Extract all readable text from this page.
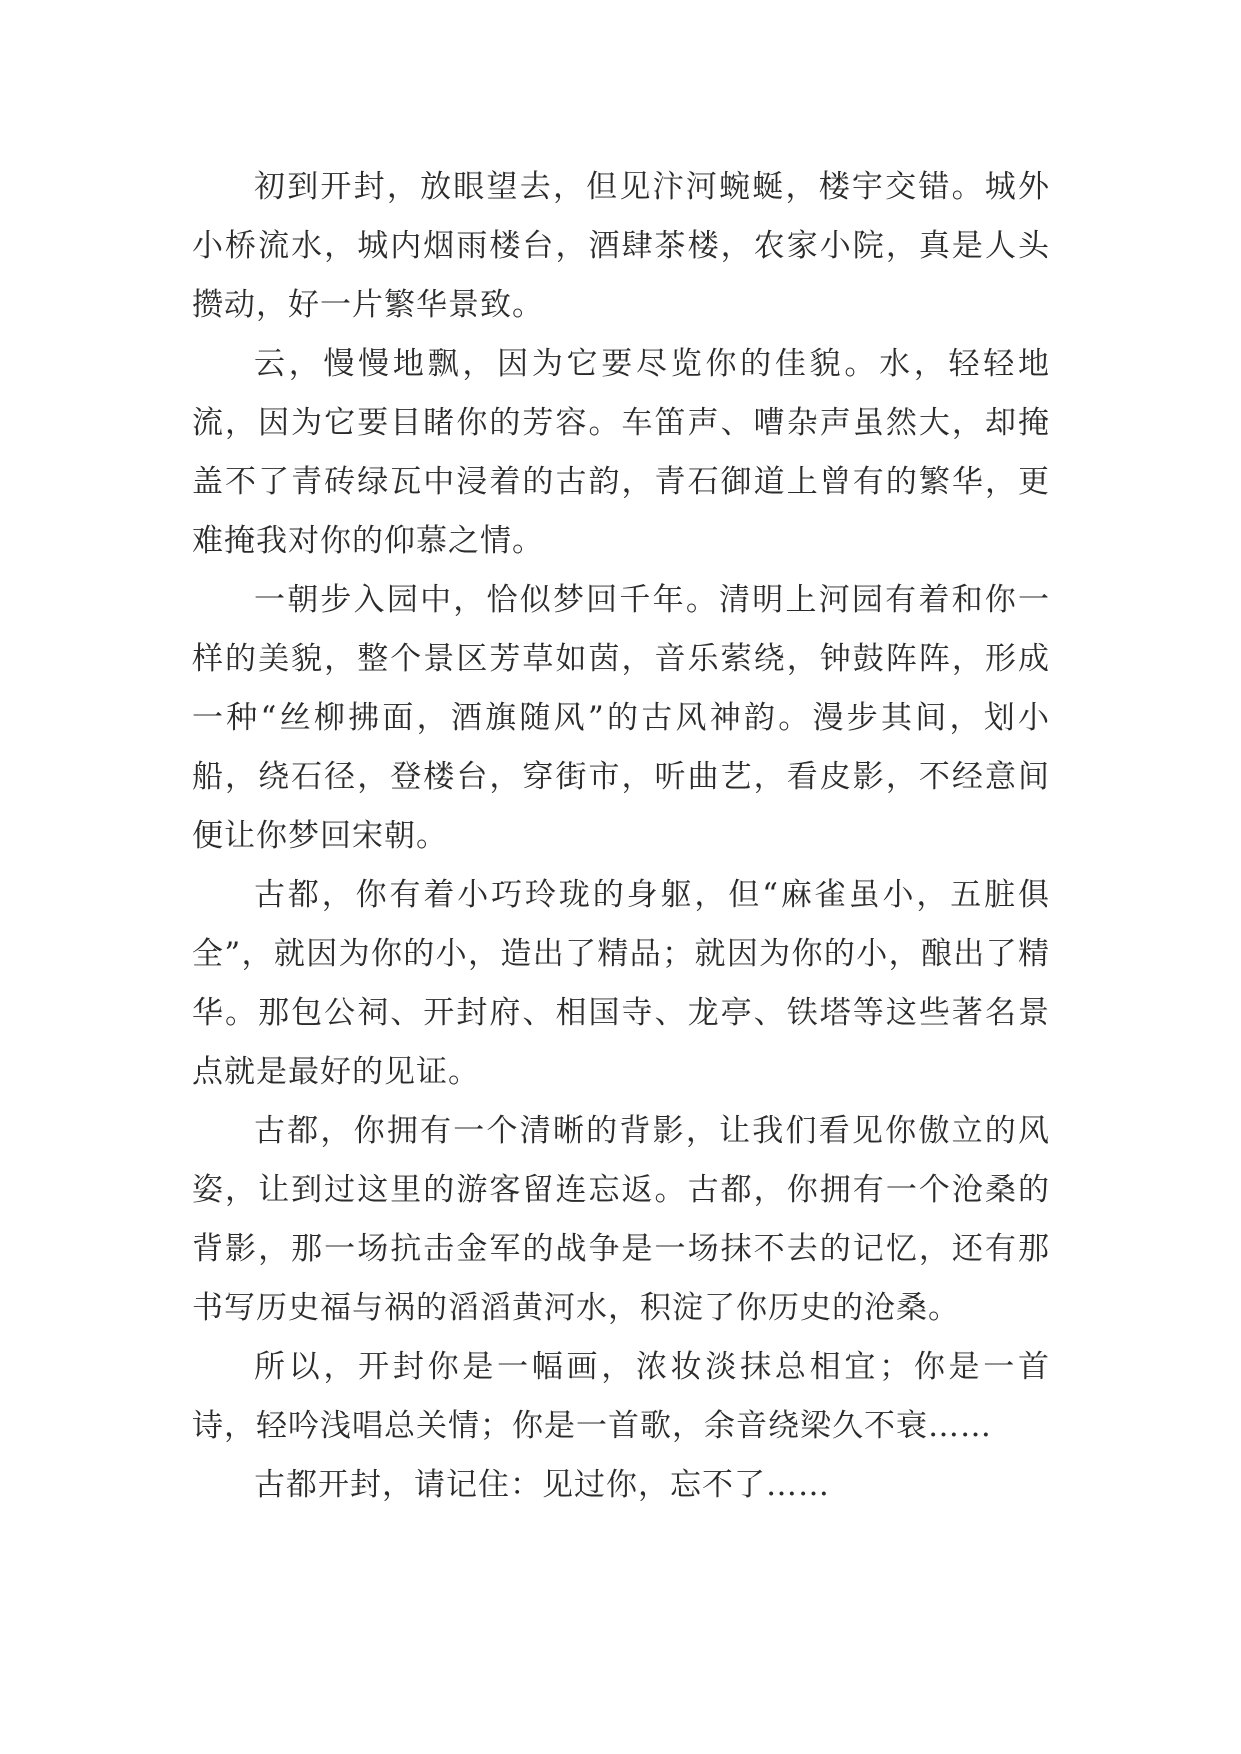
初到开封，放眼望去，但见汴河蜿蜒，楼宇交错。城外小桥流水，城内烟雨楼台，酒肆茶楼，农家小院，真是人头攒动，好一片繁华景致。

云，慢慢地飘，因为它要尽览你的佳貌。水，轻轻地流，因为它要目睹你的芳容。车笛声、嘈杂声虽然大，却掩盖不了青砖绿瓦中浸着的古韵，青石御道上曾有的繁华，更难掩我对你的仰慕之情。

一朝步入园中，恰似梦回千年。清明上河园有着和你一样的美貌，整个景区芳草如茵，音乐萦绕，钟鼓阵阵，形成一种“丝柳拂面，酒旗随风”的古风神韵。漫步其间，划小船，绕石径，登楼台，穿街市，听曲艺，看皮影，不经意间便让你梦回宋朝。

古都，你有着小巧玲珑的身躯，但“麻雀虽小，五脏俱全”，就因为你的小，造出了精品；就因为你的小，酿出了精华。那包公祠、开封府、相国寺、龙亭、铁塔等这些著名景点就是最好的见证。

古都，你拥有一个清晰的背影，让我们看见你傲立的风姿，让到过这里的游客留连忘返。古都，你拥有一个沧桑的背影，那一场抗击金军的战争是一场抹不去的记忆，还有那书写历史福与祸的滔滔黄河水，积淀了你历史的沧桑。

所以，开封你是一幅画，浓妆淡抹总相宜；你是一首诗，轻吟浅唱总关情；你是一首歌，余音绕梁久不衰……

古都开封，请记住：见过你，忘不了……
